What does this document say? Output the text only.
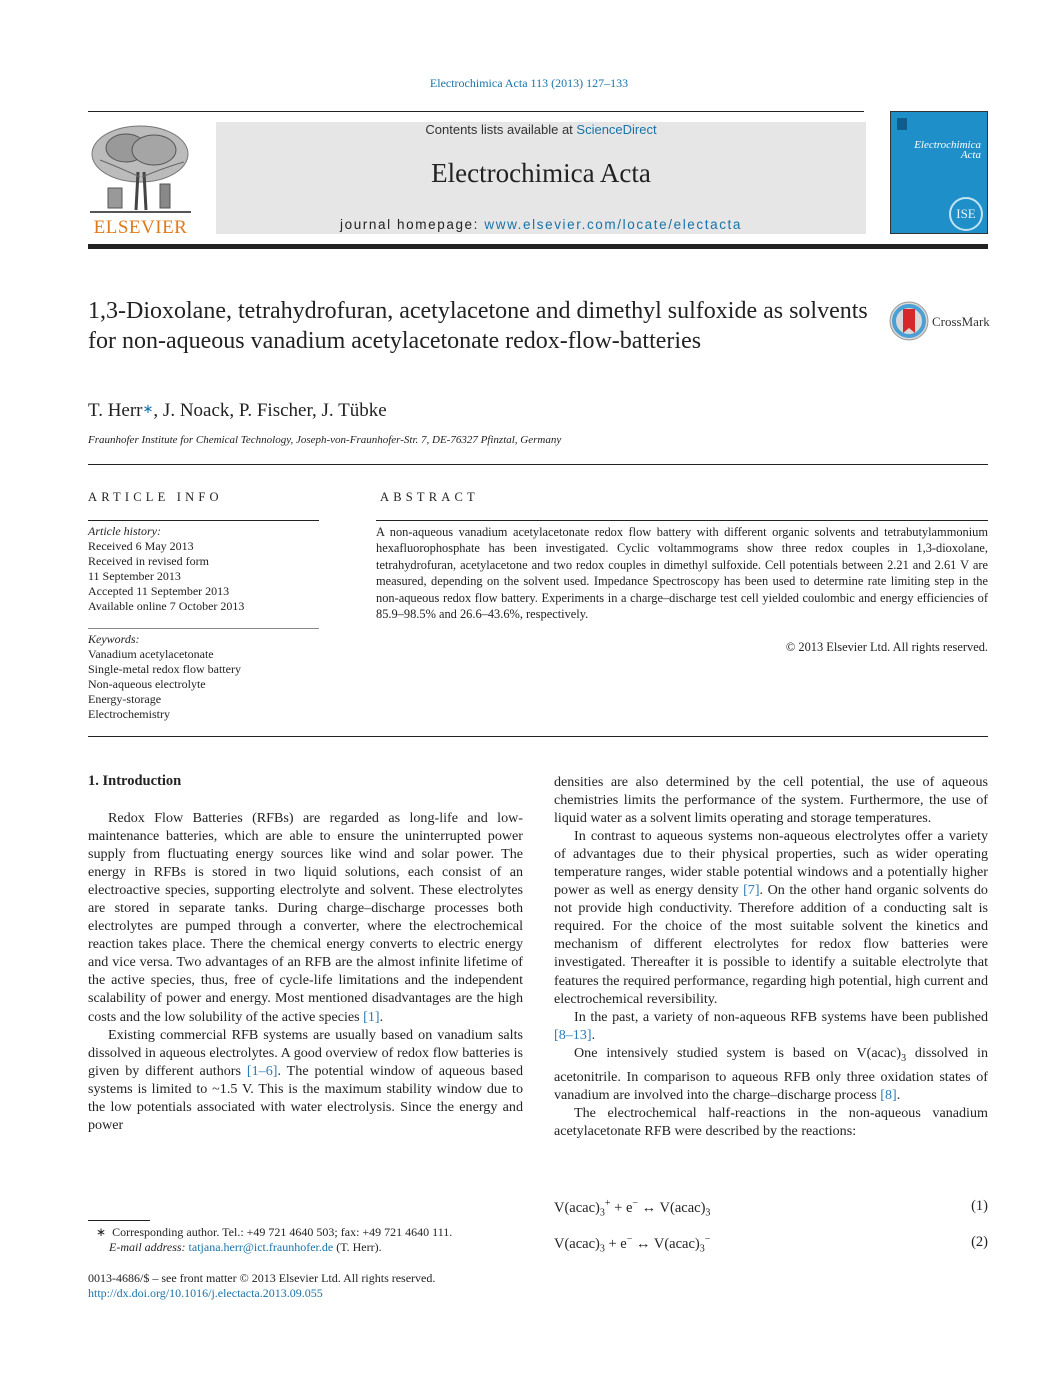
Electrochimica Acta 113 (2013) 127–133
ELSEVIER
Contents lists available at ScienceDirect
Electrochimica Acta
journal homepage: www.elsevier.com/locate/electacta
Electrochimica
Acta
ISE
1,3-Dioxolane, tetrahydrofuran, acetylacetone and dimethyl sulfoxide as solvents for non-aqueous vanadium acetylacetonate redox-flow-batteries
CrossMark
T. Herr∗, J. Noack, P. Fischer, J. Tübke
Fraunhofer Institute for Chemical Technology, Joseph-von-Fraunhofer-Str. 7, DE-76327 Pfinztal, Germany
ARTICLE INFO
Article history:
Received 6 May 2013
Received in revised form
11 September 2013
Accepted 11 September 2013
Available online 7 October 2013
Keywords:
Vanadium acetylacetonate
Single-metal redox flow battery
Non-aqueous electrolyte
Energy-storage
Electrochemistry
ABSTRACT
A non-aqueous vanadium acetylacetonate redox flow battery with different organic solvents and tetrabutylammonium hexafluorophosphate has been investigated. Cyclic voltammograms show three redox couples in 1,3-dioxolane, tetrahydrofuran, acetylacetone and two redox couples in dimethyl sulfoxide. Cell potentials between 2.21 and 2.61 V are measured, depending on the solvent used. Impedance Spectroscopy has been used to determine rate limiting step in the non-aqueous redox flow battery. Experiments in a charge–discharge test cell yielded coulombic and energy efficiencies of 85.9–98.5% and 26.6–43.6%, respectively.
© 2013 Elsevier Ltd. All rights reserved.
1. Introduction

Redox Flow Batteries (RFBs) are regarded as long-life and low-maintenance batteries, which are able to ensure the uninterrupted power supply from fluctuating energy sources like wind and solar power. The energy in RFBs is stored in two liquid solutions, each consist of an electroactive species, supporting electrolyte and solvent. These electrolytes are stored in separate tanks. During charge–discharge processes both electrolytes are pumped through a converter, where the electrochemical reaction takes place. There the chemical energy converts to electric energy and vice versa. Two advantages of an RFB are the almost infinite lifetime of the active species, thus, free of cycle-life limitations and the independent scalability of power and energy. Most mentioned disadvantages are the high costs and the low solubility of the active species [1].

Existing commercial RFB systems are usually based on vanadium salts dissolved in aqueous electrolytes. A good overview of redox flow batteries is given by different authors [1–6]. The potential window of aqueous based systems is limited to ~1.5 V. This is the maximum stability window due to the low potentials associated with water electrolysis. Since the energy and power

densities are also determined by the cell potential, the use of aqueous chemistries limits the performance of the system. Furthermore, the use of liquid water as a solvent limits operating and storage temperatures.

In contrast to aqueous systems non-aqueous electrolytes offer a variety of advantages due to their physical properties, such as wider operating temperature ranges, wider stable potential windows and a potentially higher power as well as energy density [7]. On the other hand organic solvents do not provide high conductivity. Therefore addition of a conducting salt is required. For the choice of the most suitable solvent the kinetics and mechanism of different electrolytes for redox flow batteries were investigated. Thereafter it is possible to identify a suitable electrolyte that features the required performance, regarding high potential, high current and electrochemical reversibility.

In the past, a variety of non-aqueous RFB systems have been published [8–13].

One intensively studied system is based on $V(acac)_3$ dissolved in acetonitrile. In comparison to aqueous RFB only three oxidation states of vanadium are involved into the charge–discharge process [8].

The electrochemical half-reactions in the non-aqueous vanadium acetylacetonate RFB were described by the reactions:

$V(acac)_3^+ + e^-$ ↔ $V(acac)_3$	(1)
$V(acac)_3 + e^-$ ↔ $V(acac)_3^-$	(2)
∗ Corresponding author. Tel.: +49 721 4640 503; fax: +49 721 4640 111.
E-mail address: tatjana.herr@ict.fraunhofer.de (T. Herr).
0013-4686/$ – see front matter © 2013 Elsevier Ltd. All rights reserved.
http://dx.doi.org/10.1016/j.electacta.2013.09.055
